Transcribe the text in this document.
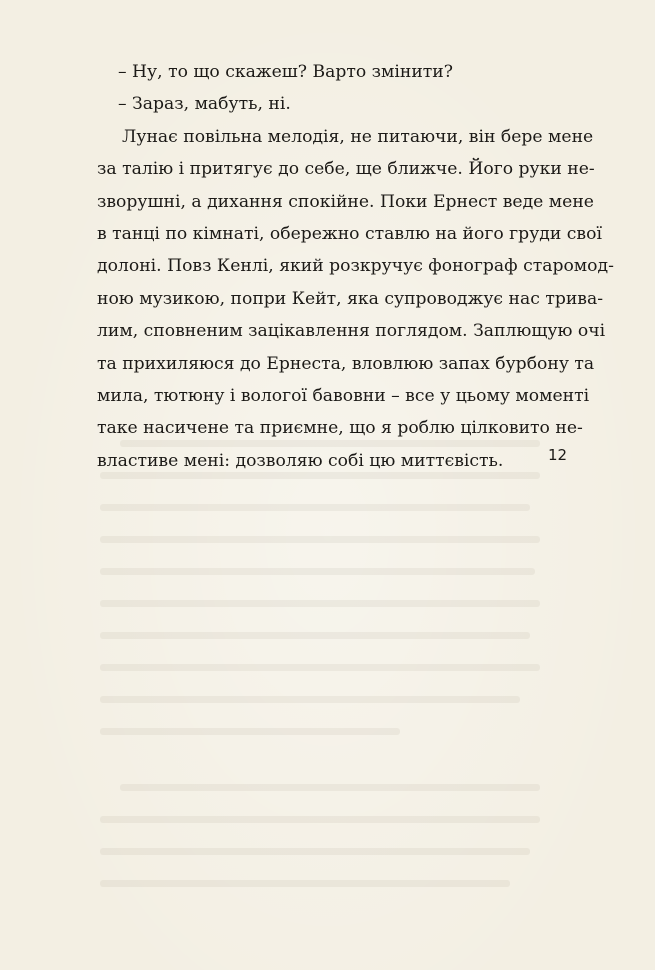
– Ну, то що скажеш? Варто змінити?
– Зараз, мабуть, ні.
Лунає повільна мелодія, не питаючи, він бере мене
за талію і притягує до себе, ще ближче. Його руки не-
зворушні, а дихання спокійне. Поки Ернест веде мене
в танці по кімнаті, обережно ставлю на його груди свої
долоні. Повз Кенлі, який розкручує фонограф старомод-
ною музикою, попри Кейт, яка супроводжує нас трива-
лим, сповненим зацікавлення поглядом. Заплющую очі
та прихиляюся до Ернеста, вловлюю запах бурбону та
мила, тютюну і вологої бавовни – все у цьому моменті
таке насичене та приємне, що я роблю цілковито не-
властиве мені: дозволяю собі цю миттєвість.	12
